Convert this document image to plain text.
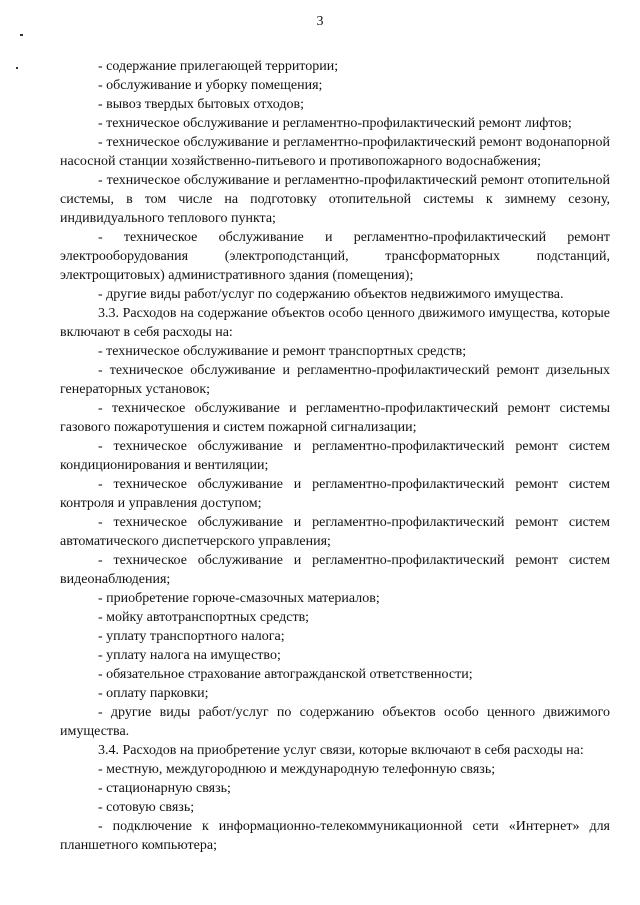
3

- содержание прилегающей территории;

- обслуживание и уборку помещения;

- вывоз твердых бытовых отходов;

- техническое обслуживание и регламентно-профилактический ремонт лифтов;

- техническое обслуживание и регламентно-профилактический ремонт водонапорной насосной станции хозяйственно-питьевого и противопожарного водоснабжения;

- техническое обслуживание и регламентно-профилактический ремонт отопительной системы, в том числе на подготовку отопительной системы к зимнему сезону, индивидуального теплового пункта;

- техническое обслуживание и регламентно-профилактический ремонт электрооборудования (электроподстанций, трансформаторных подстанций, электрощитовых) административного здания (помещения);

- другие виды работ/услуг по содержанию объектов недвижимого имущества.

3.3. Расходов на содержание объектов особо ценного движимого имущества, которые включают в себя расходы на:

- техническое обслуживание и ремонт транспортных средств;

- техническое обслуживание и регламентно-профилактический ремонт дизельных генераторных установок;

- техническое обслуживание и регламентно-профилактический ремонт системы газового пожаротушения и систем пожарной сигнализации;

- техническое обслуживание и регламентно-профилактический ремонт систем кондиционирования и вентиляции;

- техническое обслуживание и регламентно-профилактический ремонт систем контроля и управления доступом;

- техническое обслуживание и регламентно-профилактический ремонт систем автоматического диспетчерского управления;

- техническое обслуживание и регламентно-профилактический ремонт систем видеонаблюдения;

- приобретение горюче-смазочных материалов;

- мойку автотранспортных средств;

- уплату транспортного налога;

- уплату налога на имущество;

- обязательное страхование автогражданской ответственности;

- оплату парковки;

- другие виды работ/услуг по содержанию объектов особо ценного движимого имущества.

3.4. Расходов на приобретение услуг связи, которые включают в себя расходы на:

- местную, междугороднюю и международную телефонную связь;

- стационарную связь;

- сотовую связь;

- подключение к информационно-телекоммуникационной сети «Интернет» для планшетного компьютера;
